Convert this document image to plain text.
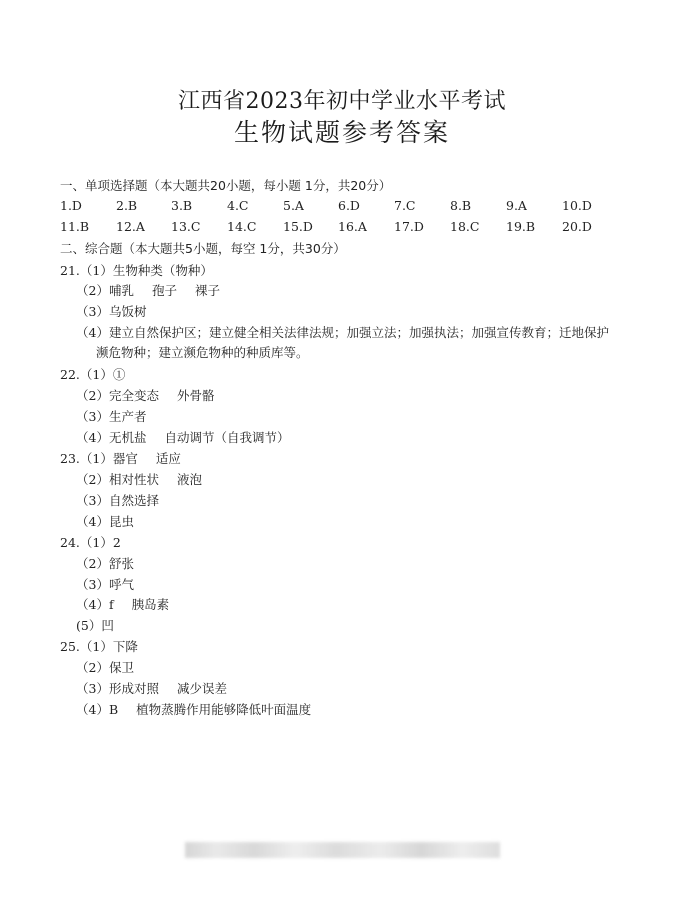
江西省2023年初中学业水平考试
生物试题参考答案
一、单项选择题（本大题共20小题，每小题 1分，共20分）
1.D	2.B	3.B	4.C	5.A	6.D	7.C	8.B	9.A	10.D
11.B 12.A 13.C 14.C 15.D 16.A 17.D 18.C 19.B 20.D
二、综合题（本大题共5小题，每空 1分，共30分）
21.（1）生物种类（物种）
（2）哺乳 孢子 裸子
（3）乌饭树
（4）建立自然保护区；建立健全相关法律法规；加强立法；加强执法；加强宣传教育；迁地保护
濒危物种；建立濒危物种的种质库等。
22.（1）①
（2）完全变态 外骨骼
（3）生产者
（4）无机盐 自动调节（自我调节）
23.（1）器官 适应
（2）相对性状 液泡
（3）自然选择
（4）昆虫
24.（1）2
（2）舒张
（3）呼气
（4）f 胰岛素
(5）凹
25.（1）下降
（2）保卫
（3）形成对照 减少误差
（4）B 植物蒸腾作用能够降低叶面温度
